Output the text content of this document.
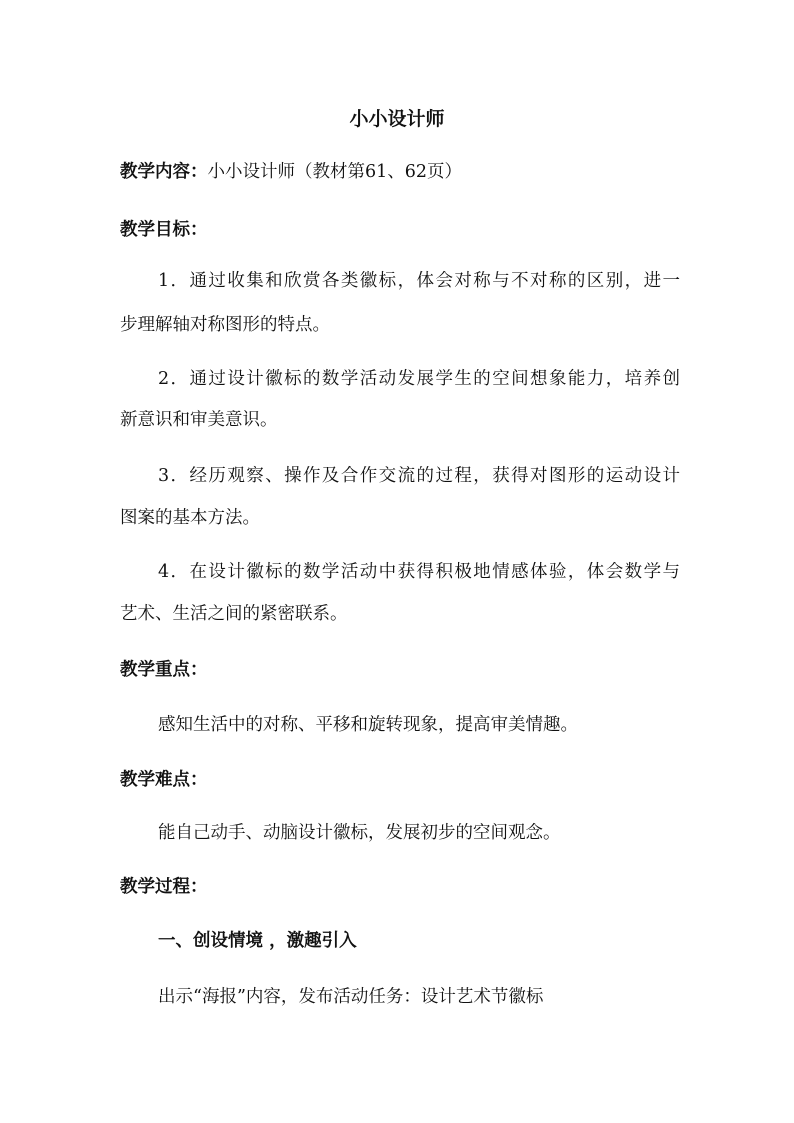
小小设计师
教学内容：小小设计师（教材第61、62页）
教学目标：
1．通过收集和欣赏各类徽标，体会对称与不对称的区别，进一
步理解轴对称图形的特点。
2．通过设计徽标的数学活动发展学生的空间想象能力，培养创
新意识和审美意识。
3．经历观察、操作及合作交流的过程，获得对图形的运动设计
图案的基本方法。
4．在设计徽标的数学活动中获得积极地情感体验，体会数学与
艺术、生活之间的紧密联系。
教学重点：
感知生活中的对称、平移和旋转现象，提高审美情趣。
教学难点：
能自己动手、动脑设计徽标，发展初步的空间观念。
教学过程：
一、创设情境 ，激趣引入
出示“海报”内容，发布活动任务：设计艺术节徽标
